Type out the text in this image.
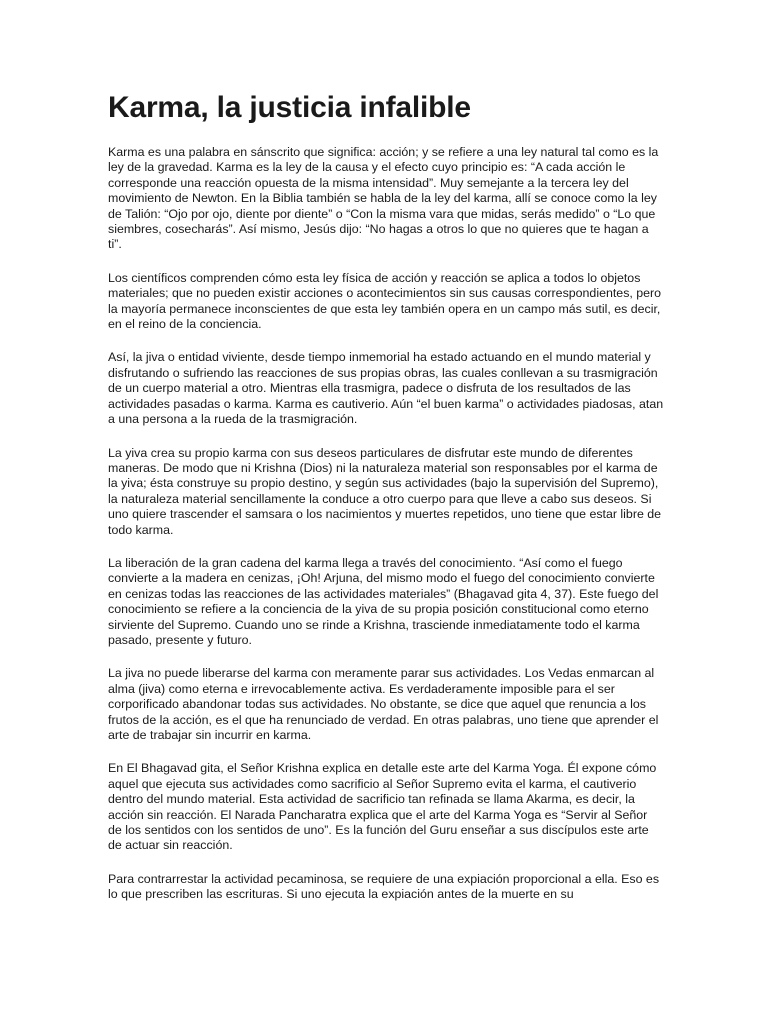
Karma, la justicia infalible

Karma es una palabra en sánscrito que significa: acción; y se refiere a una ley natural tal como es la ley de la gravedad. Karma es la ley de la causa y el efecto cuyo principio es: “A cada acción le corresponde una reacción opuesta de la misma intensidad”. Muy semejante a la tercera ley del movimiento de Newton. En la Biblia también se habla de la ley del karma, allí se conoce como la ley de Talión: “Ojo por ojo, diente por diente” o “Con la misma vara que midas, serás medido” o “Lo que siembres, cosecharás”. Así mismo, Jesús dijo: “No hagas a otros lo que no quieres que te hagan a ti”.

Los científicos comprenden cómo esta ley física de acción y reacción se aplica a todos lo objetos materiales; que no pueden existir acciones o acontecimientos sin sus causas correspondientes, pero la mayoría permanece inconscientes de que esta ley también opera en un campo más sutil, es decir, en el reino de la conciencia.

Así, la jiva o entidad viviente, desde tiempo inmemorial ha estado actuando en el mundo material y disfrutando o sufriendo las reacciones de sus propias obras, las cuales conllevan a su trasmigración de un cuerpo material a otro. Mientras ella trasmigra, padece o disfruta de los resultados de las actividades pasadas o karma. Karma es cautiverio. Aún “el buen karma” o actividades piadosas, atan a una persona a la rueda de la trasmigración.

La yiva crea su propio karma con sus deseos particulares de disfrutar este mundo de diferentes maneras. De modo que ni Krishna (Dios) ni la naturaleza material son responsables por el karma de la yiva; ésta construye su propio destino, y según sus actividades (bajo la supervisión del Supremo), la naturaleza material sencillamente la conduce a otro cuerpo para que lleve a cabo sus deseos. Si uno quiere trascender el samsara o los nacimientos y muertes repetidos, uno tiene que estar libre de todo karma.

La liberación de la gran cadena del karma llega a través del conocimiento. “Así como el fuego convierte a la madera en cenizas, ¡Oh! Arjuna, del mismo modo el fuego del conocimiento convierte en cenizas todas las reacciones de las actividades materiales” (Bhagavad gita 4, 37). Este fuego del conocimiento se refiere a la conciencia de la yiva de su propia posición constitucional como eterno sirviente del Supremo. Cuando uno se rinde a Krishna, trasciende inmediatamente todo el karma pasado, presente y futuro.

La jiva no puede liberarse del karma con meramente parar sus actividades. Los Vedas enmarcan al alma (jiva) como eterna e irrevocablemente activa. Es verdaderamente imposible para el ser corporificado abandonar todas sus actividades. No obstante, se dice que aquel que renuncia a los frutos de la acción, es el que ha renunciado de verdad. En otras palabras, uno tiene que aprender el arte de trabajar sin incurrir en karma.

En El Bhagavad gita, el Señor Krishna explica en detalle este arte del Karma Yoga. Él expone cómo aquel que ejecuta sus actividades como sacrificio al Señor Supremo evita el karma, el cautiverio dentro del mundo material. Esta actividad de sacrificio tan refinada se llama Akarma, es decir, la acción sin reacción. El Narada Pancharatra explica que el arte del Karma Yoga es “Servir al Señor de los sentidos con los sentidos de uno”. Es la función del Guru enseñar a sus discípulos este arte de actuar sin reacción.

Para contrarrestar la actividad pecaminosa, se requiere de una expiación proporcional a ella. Eso es lo que prescriben las escrituras. Si uno ejecuta la expiación antes de la muerte en su
